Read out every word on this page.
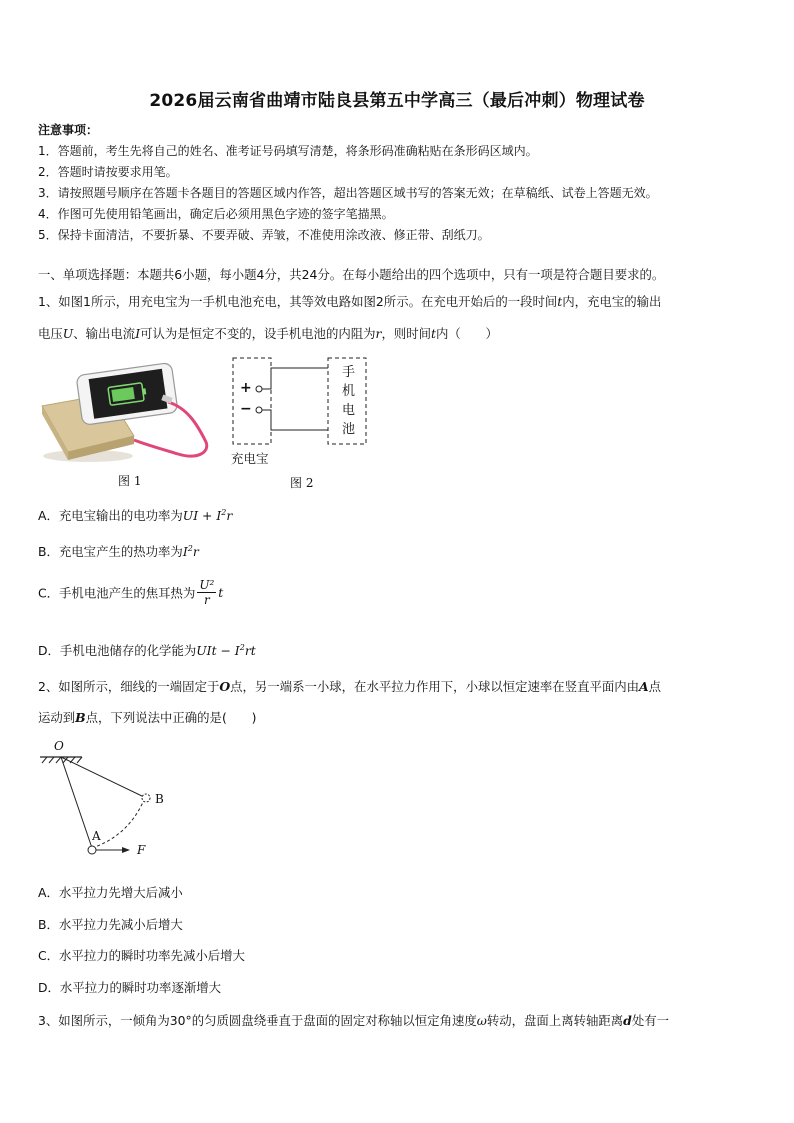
2026届云南省曲靖市陆良县第五中学高三（最后冲刺）物理试卷
注意事项：
1．答题前，考生先将自己的姓名、准考证号码填写清楚，将条形码准确粘贴在条形码区域内。
2．答题时请按要求用笔。
3．请按照题号顺序在答题卡各题目的答题区域内作答，超出答题区域书写的答案无效；在草稿纸、试卷上答题无效。
4．作图可先使用铅笔画出，确定后必须用黑色字迹的签字笔描黑。
5．保持卡面清洁，不要折暴、不要弄破、弄皱，不准使用涂改液、修正带、刮纸刀。
一、单项选择题：本题共6小题，每小题4分，共24分。在每小题给出的四个选项中，只有一项是符合题目要求的。
1、如图1所示，用充电宝为一手机电池充电，其等效电路如图2所示。在充电开始后的一段时间t内，充电宝的输出
电压U、输出电流I可认为是恒定不变的，设手机电池的内阻为r，则时间t内（　　）
图 1
+
−
手
机
电
池
充电宝
图 2
A．充电宝输出的电功率为UI + $I^2r$
B．充电宝产生的热功率为$I^2r$
C．手机电池产生的焦耳热为 $\frac{\text{U²}}{r}$ t
D．手机电池储存的化学能为UIt − $I^2rt$
2、如图所示，细线的一端固定于O点，另一端系一小球，在水平拉力作用下，小球以恒定速率在竖直平面内由A点
运动到B点，下列说法中正确的是(　　)
O
A
B
F
A．水平拉力先增大后减小
B．水平拉力先减小后增大
C．水平拉力的瞬时功率先减小后增大
D．水平拉力的瞬时功率逐渐增大
3、如图所示，一倾角为30°的匀质圆盘绕垂直于盘面的固定对称轴以恒定角速度ω转动，盘面上离转轴距离d处有一
